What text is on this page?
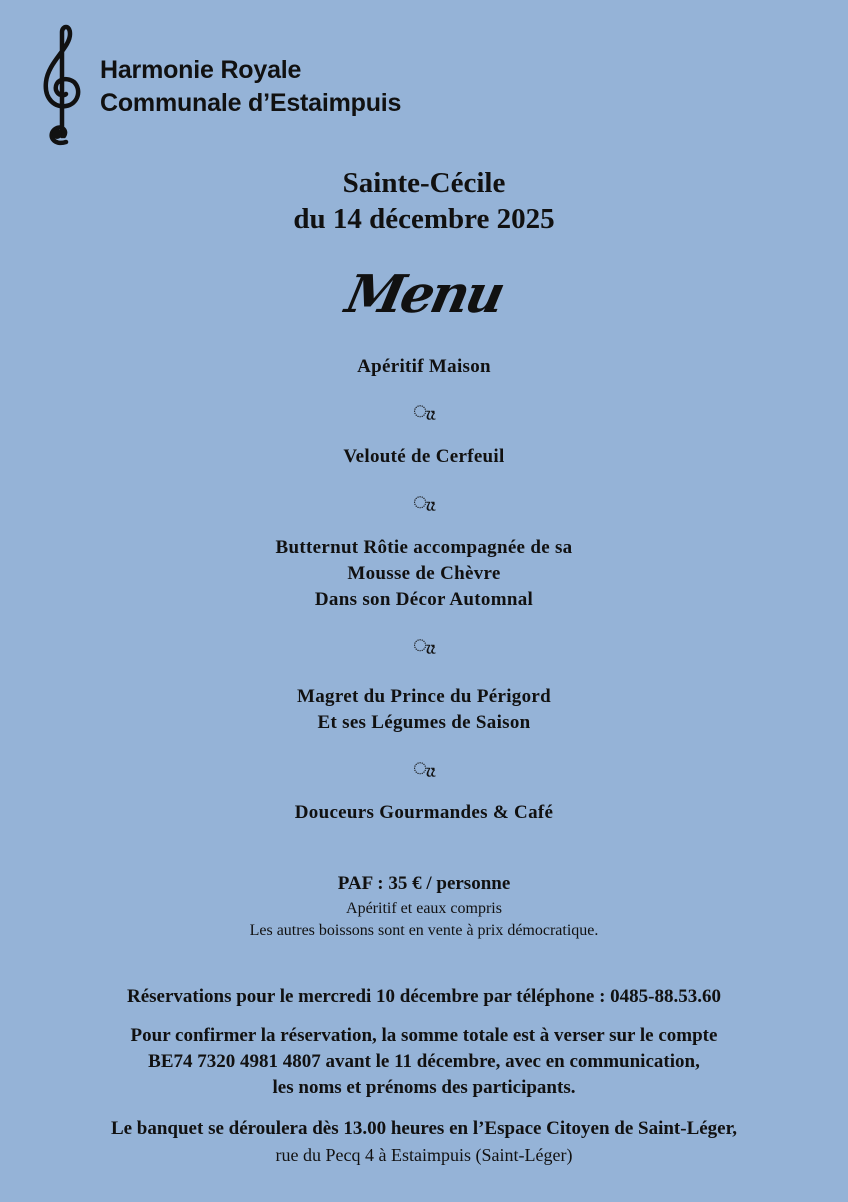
Harmonie Royale
Communale d’Estaimpuis
Sainte-Cécile
du 14 décembre 2025
Menu
Apéritif Maison
ැෑ
Velouté de Cerfeuil
ැෑ
Butternut Rôtie accompagnée de sa
Mousse de Chèvre
Dans son Décor Automnal
ැෑ
Magret du Prince du Périgord
Et ses Légumes de Saison
ැෑ
Douceurs Gourmandes & Café
PAF : 35 € / personne
Apéritif et eaux compris
Les autres boissons sont en vente à prix démocratique.
Réservations pour le mercredi 10 décembre par téléphone : 0485-88.53.60
Pour confirmer la réservation, la somme totale est à verser sur le compte
BE74 7320 4981 4807 avant le 11 décembre, avec en communication,
les noms et prénoms des participants.
Le banquet se déroulera dès 13.00 heures en l’Espace Citoyen de Saint-Léger,
rue du Pecq 4 à Estaimpuis (Saint-Léger)
